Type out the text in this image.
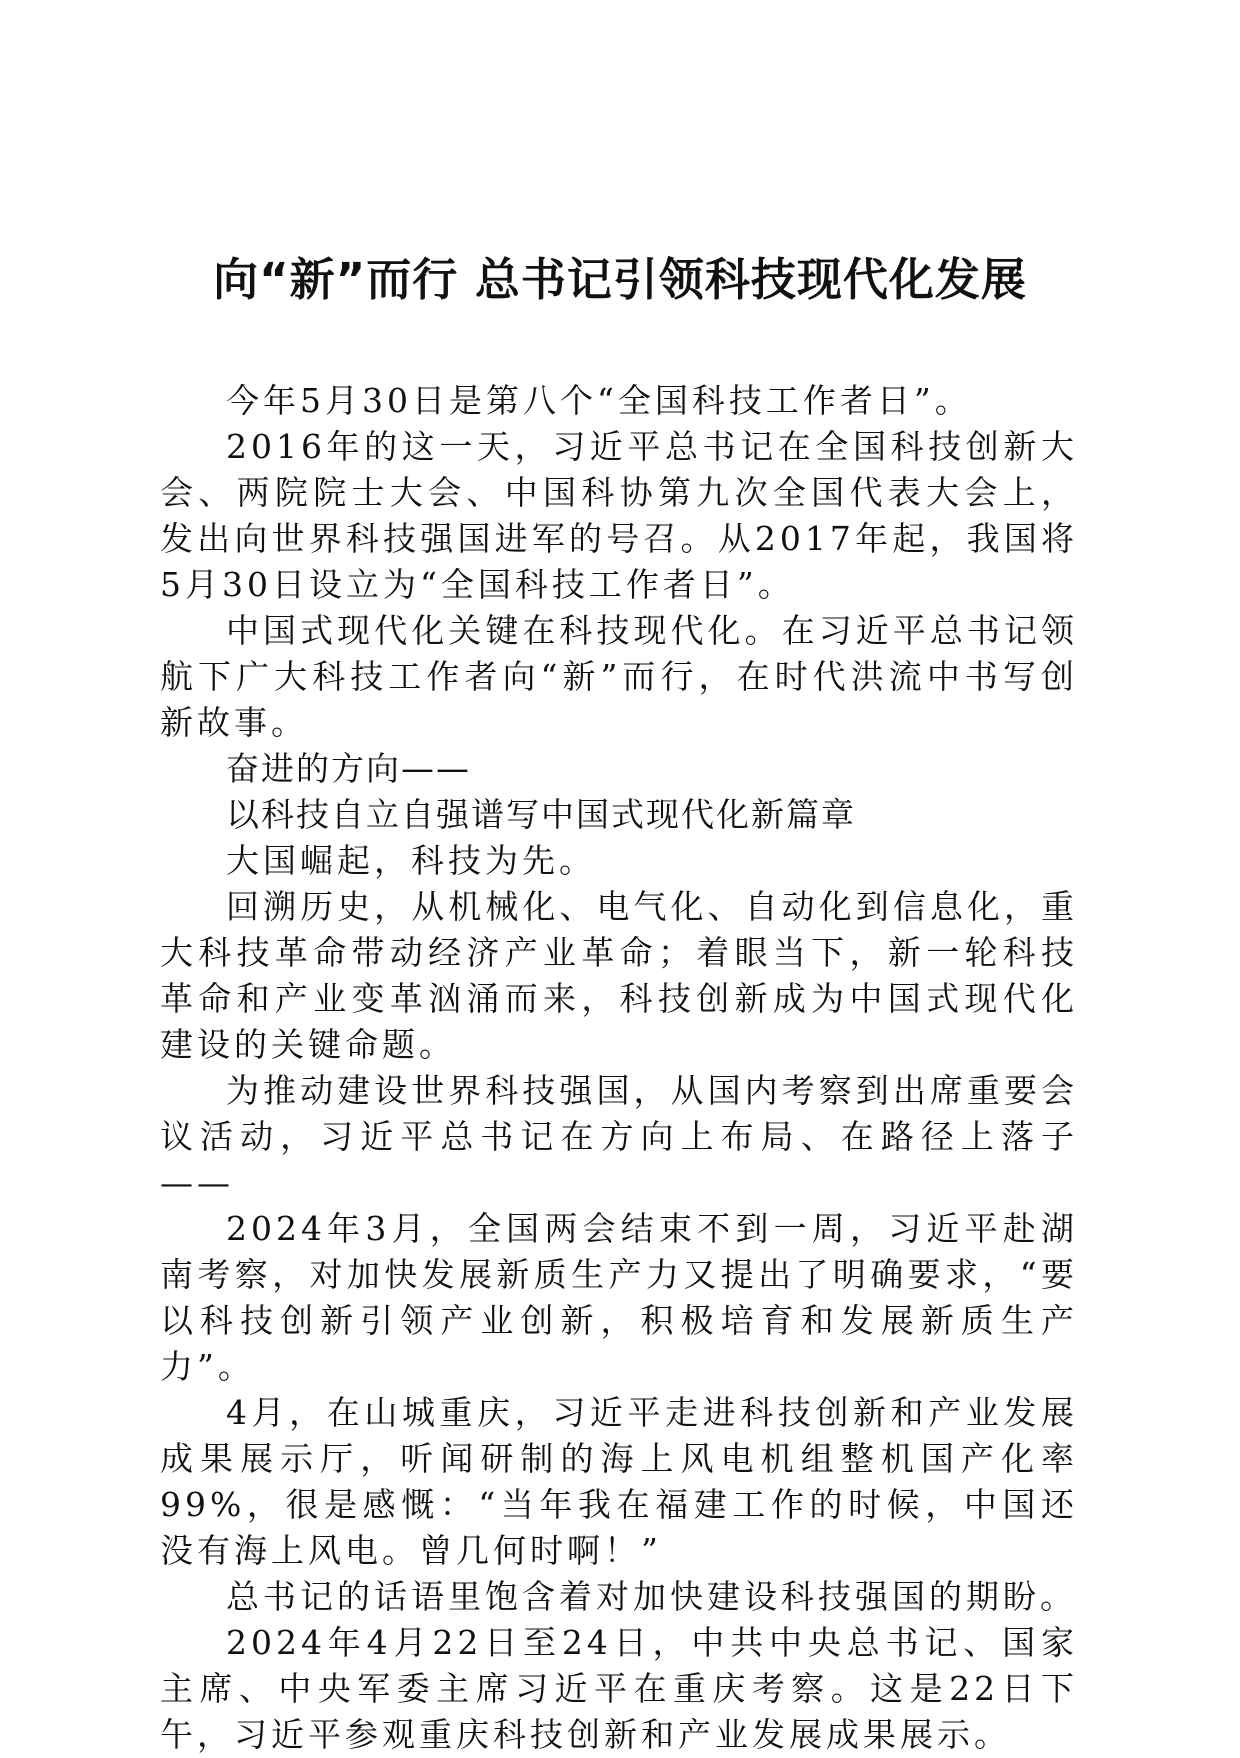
向“新”而行 总书记引领科技现代化发展

今年5月30日是第八个“全国科技工作者日”。

2016年的这一天，习近平总书记在全国科技创新大会、两院院士大会、中国科协第九次全国代表大会上，发出向世界科技强国进军的号召。从2017年起，我国将5月30日设立为“全国科技工作者日”。

中国式现代化关键在科技现代化。在习近平总书记领航下广大科技工作者向“新”而行，在时代洪流中书写创新故事。

奋进的方向——

以科技自立自强谱写中国式现代化新篇章

大国崛起，科技为先。

回溯历史，从机械化、电气化、自动化到信息化，重大科技革命带动经济产业革命；着眼当下，新一轮科技革命和产业变革汹涌而来，科技创新成为中国式现代化建设的关键命题。

为推动建设世界科技强国，从国内考察到出席重要会议活动，习近平总书记在方向上布局、在路径上落子——

2024年3月，全国两会结束不到一周，习近平赴湖南考察，对加快发展新质生产力又提出了明确要求，“要以科技创新引领产业创新，积极培育和发展新质生产力”。

4月，在山城重庆，习近平走进科技创新和产业发展成果展示厅，听闻研制的海上风电机组整机国产化率99%，很是感慨：“当年我在福建工作的时候，中国还没有海上风电。曾几何时啊！”

总书记的话语里饱含着对加快建设科技强国的期盼。

2024年4月22日至24日，中共中央总书记、国家主席、中央军委主席习近平在重庆考察。这是22日下午，习近平参观重庆科技创新和产业发展成果展示。
